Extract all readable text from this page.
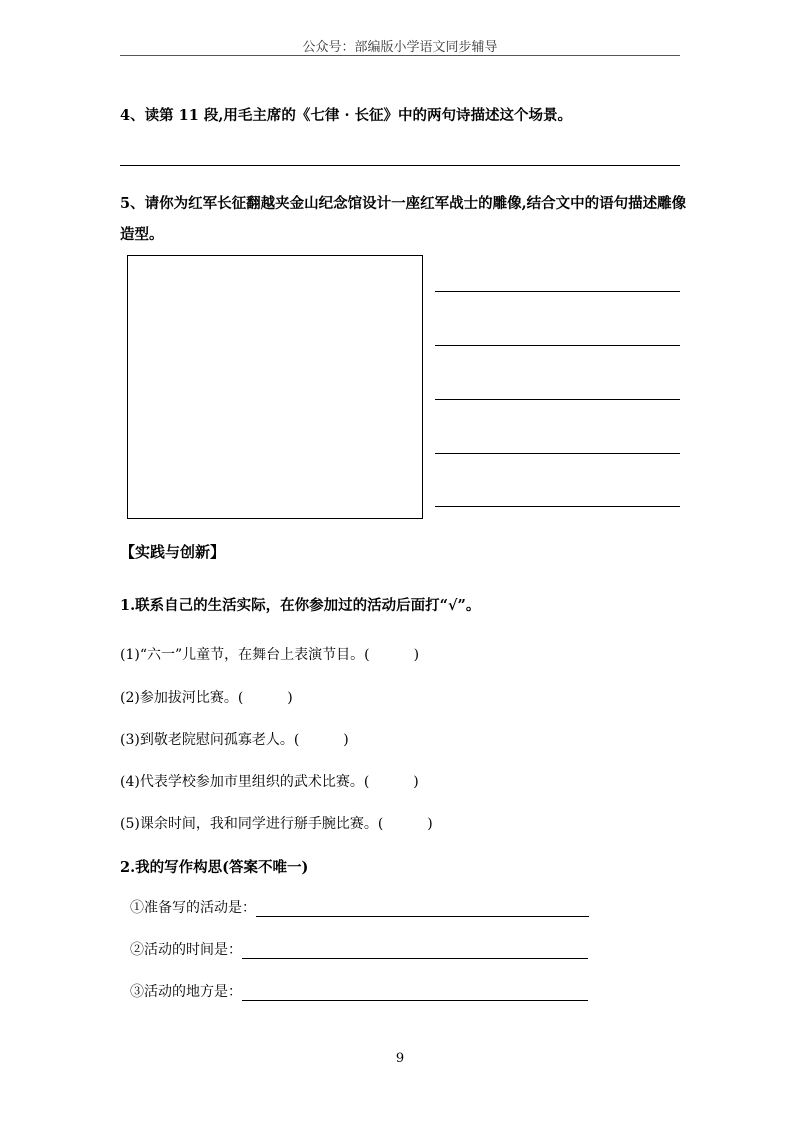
公众号：部编版小学语文同步辅导
4、读第 11 段,用毛主席的《七律 · 长征》中的两句诗描述这个场景。
5、请你为红军长征翻越夹金山纪念馆设计一座红军战士的雕像,结合文中的语句描述雕像造型。
【实践与创新】
1.联系自己的生活实际，在你参加过的活动后面打“√”。
(1)“六一”儿童节，在舞台上表演节目。(	)
(2)参加拔河比赛。(	)
(3)到敬老院慰问孤寡老人。(	)
(4)代表学校参加市里组织的武术比赛。(	)
(5)课余时间，我和同学进行掰手腕比赛。(	)
2.我的写作构思(答案不唯一)
①准备写的活动是：
②活动的时间是：
③活动的地方是：
9
